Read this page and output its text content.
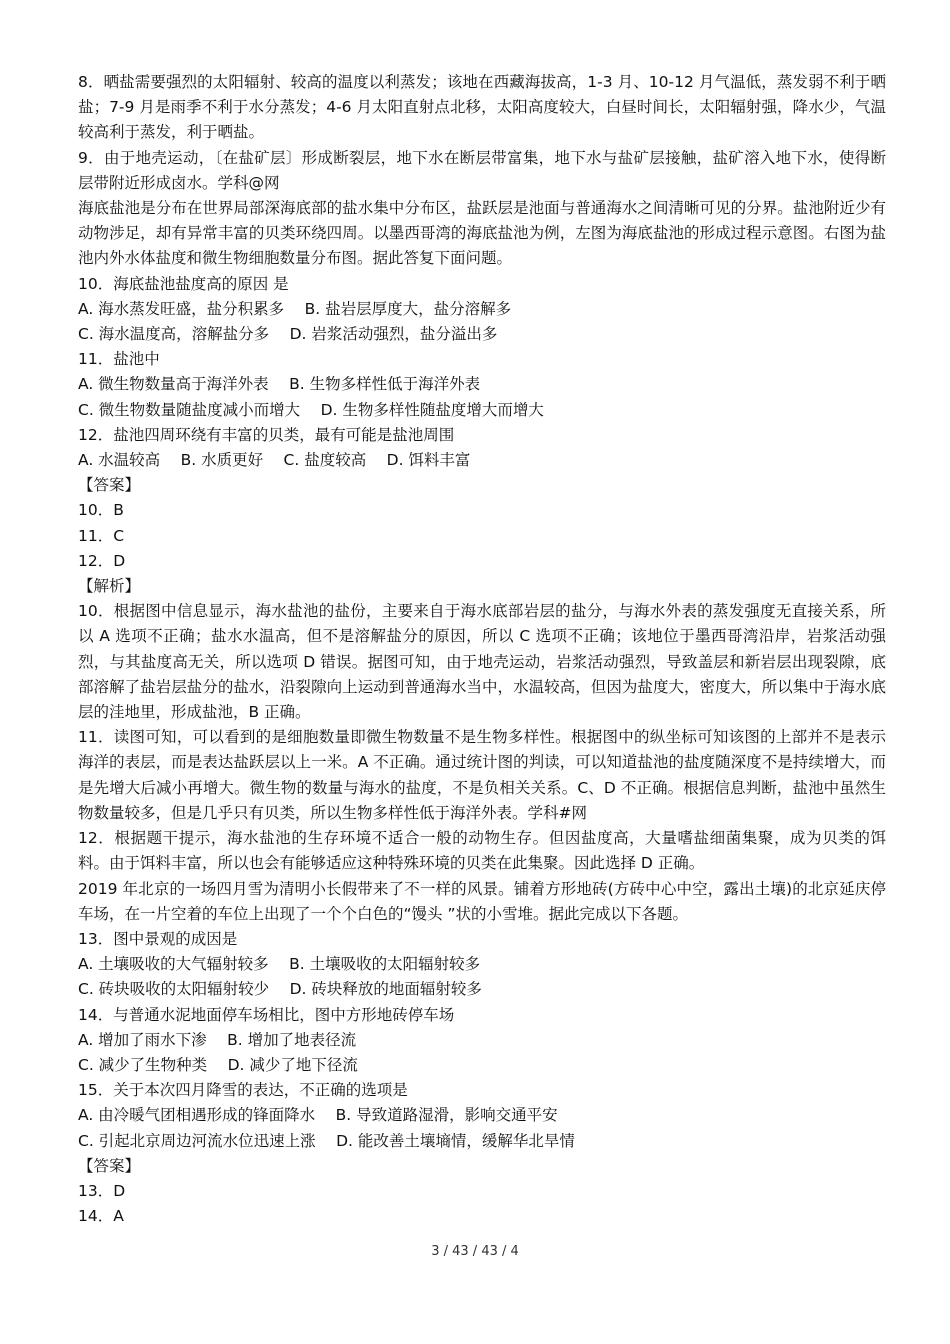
8．晒盐需要强烈的太阳辐射、较高的温度以利蒸发；该地在西藏海拔高，1-3 月、10-12 月气温低，蒸发弱不利于晒盐；7-9 月是雨季不利于水分蒸发；4-6 月太阳直射点北移，太阳高度较大，白昼时间长，太阳辐射强，降水少，气温较高利于蒸发，利于晒盐。

9．由于地壳运动，〔在盐矿层〕形成断裂层，地下水在断层带富集，地下水与盐矿层接触，盐矿溶入地下水，使得断层带附近形成卤水。学科@网

海底盐池是分布在世界局部深海底部的盐水集中分布区，盐跃层是池面与普通海水之间清晰可见的分界。盐池附近少有动物涉足，却有异常丰富的贝类环绕四周。以墨西哥湾的海底盐池为例，左图为海底盐池的形成过程示意图。右图为盐池内外水体盐度和微生物细胞数量分布图。据此答复下面问题。

10．海底盐池盐度高的原因 是
A. 海水蒸发旺盛，盐分积累多　 B. 盐岩层厚度大，盐分溶解多
C. 海水温度高，溶解盐分多　 D. 岩浆活动强烈，盐分溢出多
11．盐池中
A. 微生物数量高于海洋外表　 B. 生物多样性低于海洋外表
C. 微生物数量随盐度减小而增大　 D. 生物多样性随盐度增大而增大
12．盐池四周环绕有丰富的贝类，最有可能是盐池周围
A. 水温较高　 B. 水质更好　 C. 盐度较高　 D. 饵料丰富
【答案】
10．B
11．C
12．D
【解析】

10．根据图中信息显示，海水盐池的盐份，主要来自于海水底部岩层的盐分，与海水外表的蒸发强度无直接关系，所以 A 选项不正确；盐水水温高，但不是溶解盐分的原因，所以 C 选项不正确；该地位于墨西哥湾沿岸，岩浆活动强烈，与其盐度高无关，所以选项 D 错误。据图可知，由于地壳运动，岩浆活动强烈，导致盖层和新岩层出现裂隙，底部溶解了盐岩层盐分的盐水，沿裂隙向上运动到普通海水当中，水温较高，但因为盐度大，密度大，所以集中于海水底层的洼地里，形成盐池，B 正确。

11．读图可知，可以看到的是细胞数量即微生物数量不是生物多样性。根据图中的纵坐标可知该图的上部并不是表示海洋的表层，而是表达盐跃层以上一米。A 不正确。通过统计图的判读，可以知道盐池的盐度随深度不是持续增大，而是先增大后减小再增大。微生物的数量与海水的盐度，不是负相关关系。C、D 不正确。根据信息判断，盐池中虽然生物数量较多，但是几乎只有贝类，所以生物多样性低于海洋外表。学科#网

12．根据题干提示，海水盐池的生存环境不适合一般的动物生存。但因盐度高，大量嗜盐细菌集聚，成为贝类的饵料。由于饵料丰富，所以也会有能够适应这种特殊环境的贝类在此集聚。因此选择 D 正确。

2019 年北京的一场四月雪为清明小长假带来了不一样的风景。铺着方形地砖(方砖中心中空，露出土壤)的北京延庆停车场，在一片空着的车位上出现了一个个白色的“馒头 ”状的小雪堆。据此完成以下各题。

13．图中景观的成因是
A. 土壤吸收的大气辐射较多　 B. 土壤吸收的太阳辐射较多
C. 砖块吸收的太阳辐射较少　 D. 砖块释放的地面辐射较多
14．与普通水泥地面停车场相比，图中方形地砖停车场
A. 增加了雨水下渗　 B. 增加了地表径流
C. 减少了生物种类　 D. 减少了地下径流
15．关于本次四月降雪的表达，不正确的选项是
A. 由冷暖气团相遇形成的锋面降水　 B. 导致道路湿滑，影响交通平安
C. 引起北京周边河流水位迅速上涨　 D. 能改善土壤墒情，缓解华北旱情
【答案】
13．D
14．A
3 / 43 / 43 / 4
